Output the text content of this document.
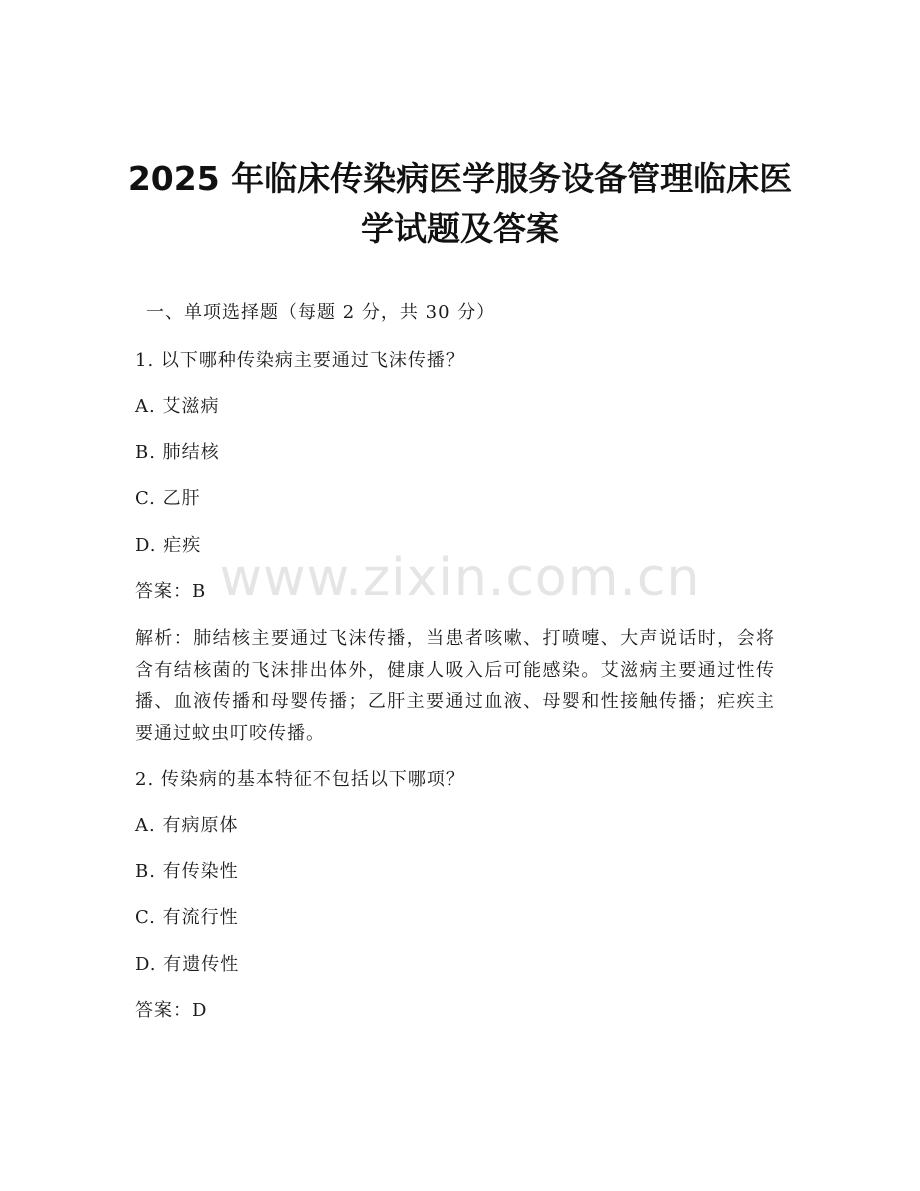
2025 年临床传染病医学服务设备管理临床医
学试题及答案
一、单项选择题（每题 2 分，共 30 分）
1. 以下哪种传染病主要通过飞沫传播？
A. 艾滋病
B. 肺结核
C. 乙肝
D. 疟疾
答案：B
解析：肺结核主要通过飞沫传播，当患者咳嗽、打喷嚏、大声说话时，会将含有结核菌的飞沫排出体外，健康人吸入后可能感染。艾滋病主要通过性传播、血液传播和母婴传播；乙肝主要通过血液、母婴和性接触传播；疟疾主要通过蚊虫叮咬传播。
2. 传染病的基本特征不包括以下哪项？
A. 有病原体
B. 有传染性
C. 有流行性
D. 有遗传性
答案：D
www.zixin.com.cn
